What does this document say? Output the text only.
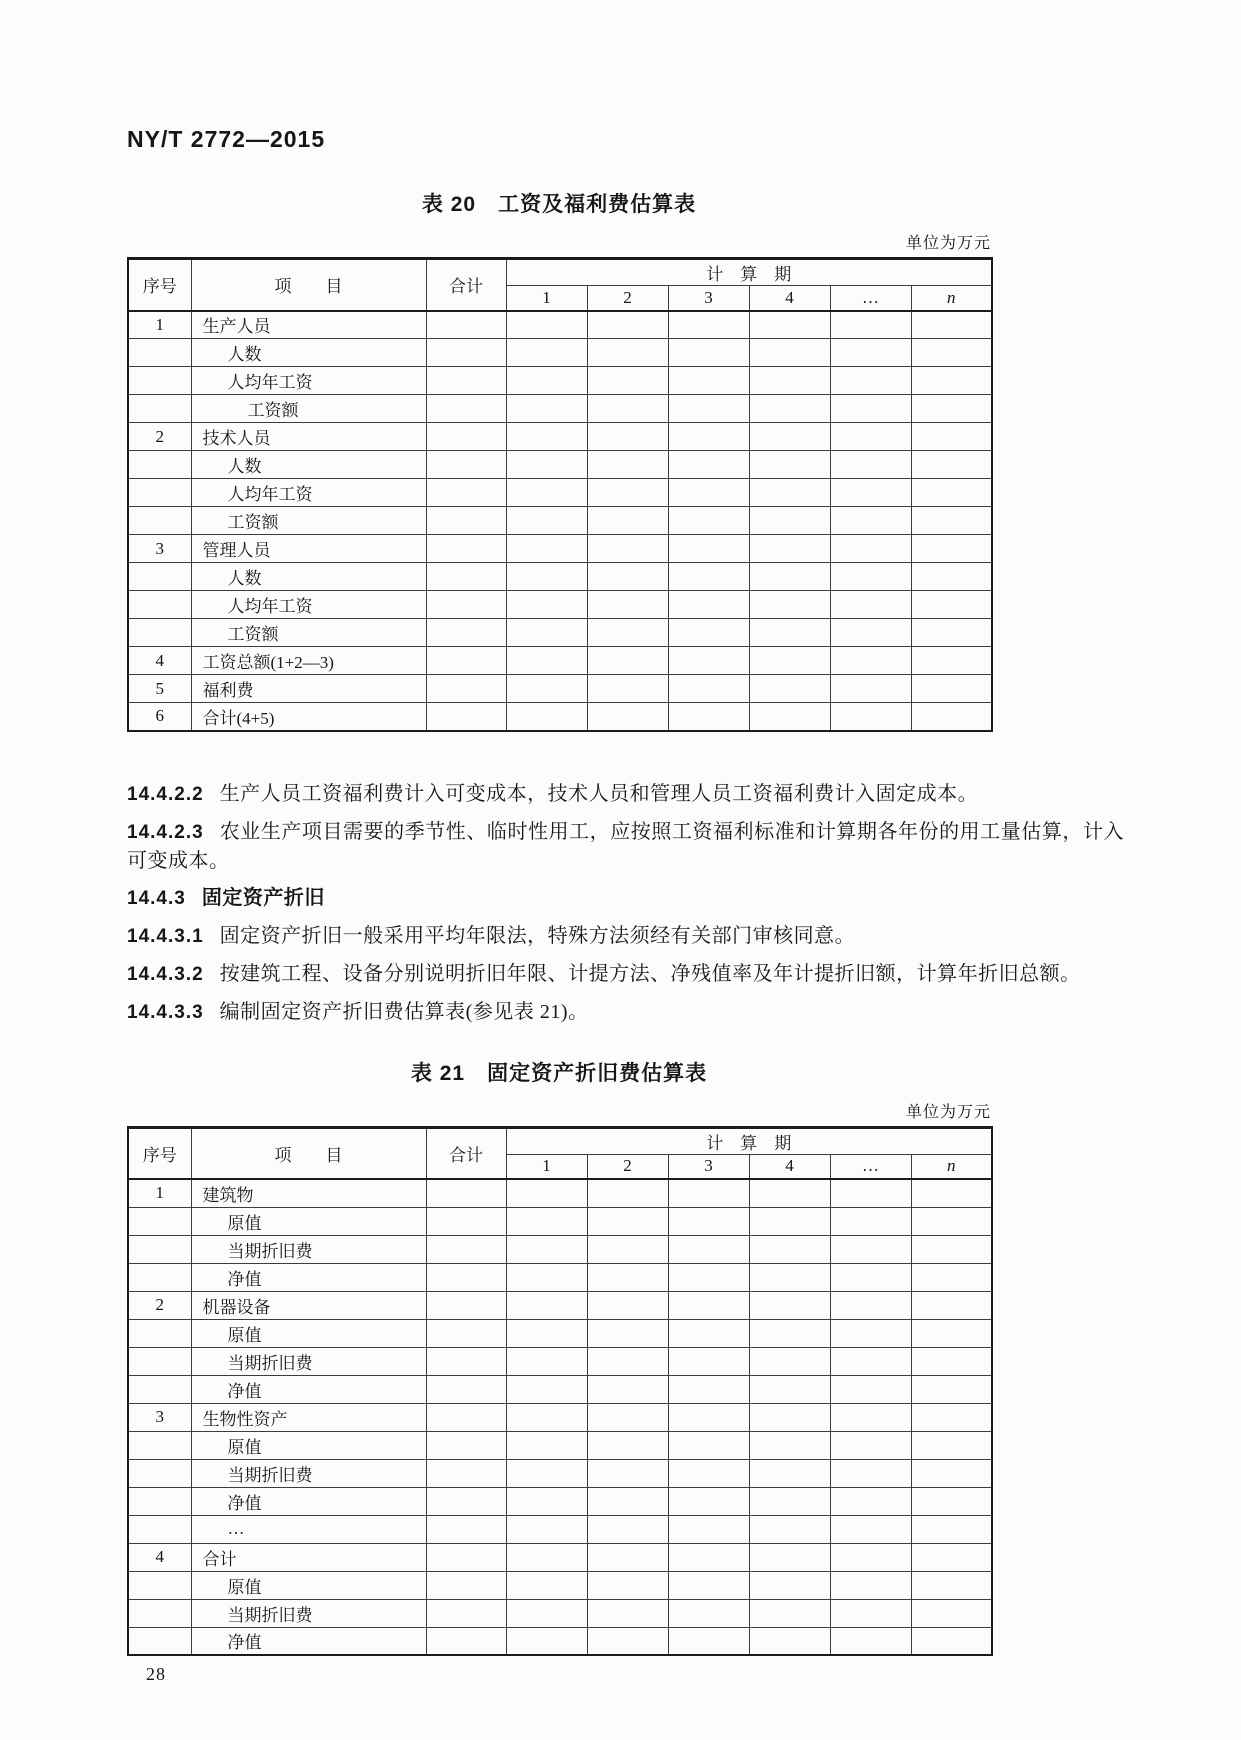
NY/T 2772—2015
表 20　工资及福利费估算表
单位为万元
序号	项　　目	合计	计　算　期					
			1	2	3	4	…	n
1	生产人员							
	人数							
	人均年工资							
	工资额							
2	技术人员							
	人数							
	人均年工资							
	工资额							
3	管理人员							
	人数							
	人均年工资							
	工资额							
4	工资总额(1+2—3)							
5	福利费							
6	合计(4+5)							

14.4.2.2 生产人员工资福利费计入可变成本，技术人员和管理人员工资福利费计入固定成本。

14.4.2.3 农业生产项目需要的季节性、临时性用工，应按照工资福利标准和计算期各年份的用工量估算，计入可变成本。

14.4.3 固定资产折旧

14.4.3.1 固定资产折旧一般采用平均年限法，特殊方法须经有关部门审核同意。

14.4.3.2 按建筑工程、设备分别说明折旧年限、计提方法、净残值率及年计提折旧额，计算年折旧总额。

14.4.3.3 编制固定资产折旧费估算表(参见表 21)。

表 21　固定资产折旧费估算表
单位为万元
序号	项　　目	合计	计　算　期					
			1	2	3	4	…	n
1	建筑物							
	原值							
	当期折旧费							
	净值							
2	机器设备							
	原值							
	当期折旧费							
	净值							
3	生物性资产							
	原值							
	当期折旧费							
	净值							
	…							
4	合计							
	原值							
	当期折旧费							
	净值							
28
